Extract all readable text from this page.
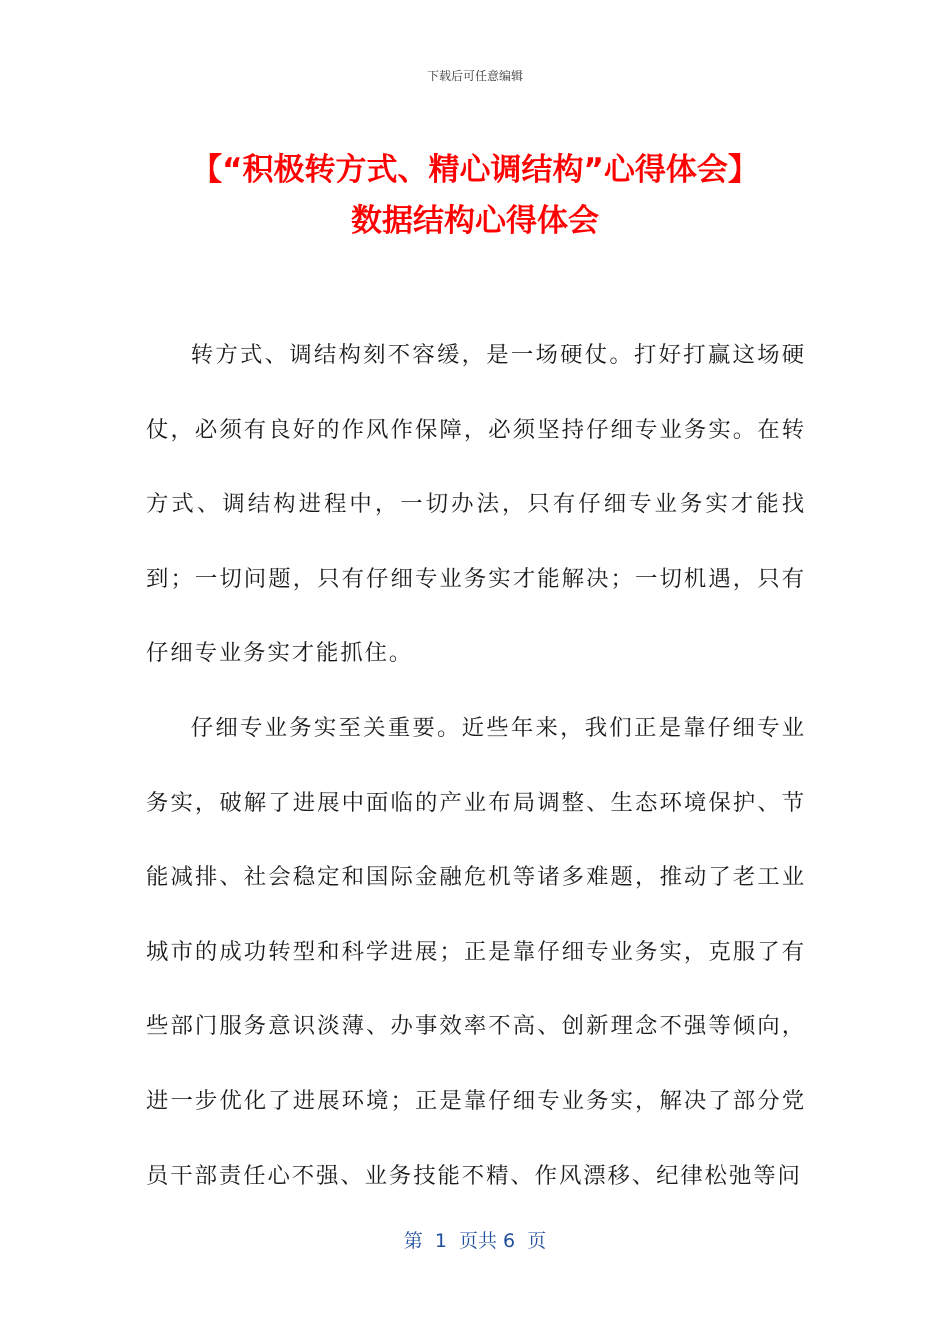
下载后可任意编辑
【“积极转方式、精心调结构”心得体会】
数据结构心得体会

转方式、调结构刻不容缓，是一场硬仗。打好打赢这场硬仗，必须有良好的作风作保障，必须坚持仔细专业务实。在转方式、调结构进程中，一切办法，只有仔细专业务实才能找到；一切问题，只有仔细专业务实才能解决；一切机遇，只有仔细专业务实才能抓住。

仔细专业务实至关重要。近些年来，我们正是靠仔细专业务实，破解了进展中面临的产业布局调整、生态环境保护、节能减排、社会稳定和国际金融危机等诸多难题，推动了老工业城市的成功转型和科学进展；正是靠仔细专业务实，克服了有些部门服务意识淡薄、办事效率不高、创新理念不强等倾向，进一步优化了进展环境；正是靠仔细专业务实，解决了部分党员干部责任心不强、业务技能不精、作风漂移、纪律松弛等问

第  1  页共 6  页
